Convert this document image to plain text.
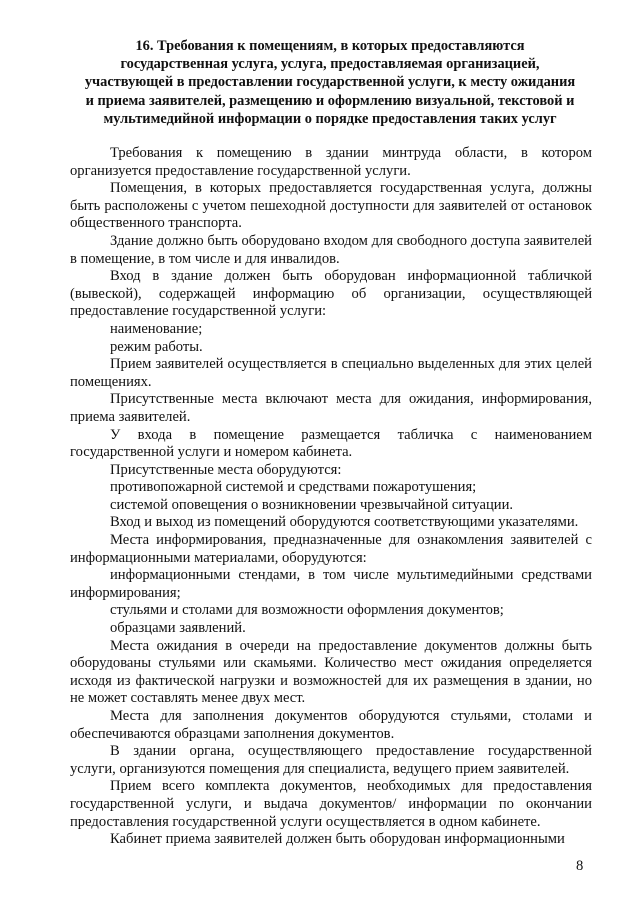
16. Требования к помещениям, в которых предоставляются
государственная услуга, услуга, предоставляемая организацией,
участвующей в предоставлении государственной услуги, к месту ожидания
и приема заявителей, размещению и оформлению визуальной, текстовой и
мультимедийной информации о порядке предоставления таких услуг

Требования к помещению в здании минтруда области, в котором организуется предоставление государственной услуги.

Помещения, в которых предоставляется государственная услуга, должны быть расположены с учетом пешеходной доступности для заявителей от остановок общественного транспорта.

Здание должно быть оборудовано входом для свободного доступа заявителей в помещение, в том числе и для инвалидов.

Вход в здание должен быть оборудован информационной табличкой (вывеской), содержащей информацию об организации, осуществляющей предоставление государственной услуги:

наименование;

режим работы.

Прием заявителей осуществляется в специально выделенных для этих целей помещениях.

Присутственные места включают места для ожидания, информирования, приема заявителей.

У входа в помещение размещается табличка с наименованием государственной услуги и номером кабинета.

Присутственные места оборудуются:

противопожарной системой и средствами пожаротушения;

системой оповещения о возникновении чрезвычайной ситуации.

Вход и выход из помещений оборудуются соответствующими указателями.

Места информирования, предназначенные для ознакомления заявителей с информационными материалами, оборудуются:

информационными стендами, в том числе мультимедийными средствами информирования;

стульями и столами для возможности оформления документов;

образцами заявлений.

Места ожидания в очереди на предоставление документов должны быть оборудованы стульями или скамьями. Количество мест ожидания определяется исходя из фактической нагрузки и возможностей для их размещения в здании, но не может составлять менее двух мест.

Места для заполнения документов оборудуются стульями, столами и обеспечиваются образцами заполнения документов.

В здании органа, осуществляющего предоставление государственной услуги, организуются помещения для специалиста, ведущего прием заявителей.

Прием всего комплекта документов, необходимых для предоставления государственной услуги, и выдача документов/ информации по окончании предоставления государственной услуги осуществляется в одном кабинете.

Кабинет приема заявителей должен быть оборудован информационными

8
